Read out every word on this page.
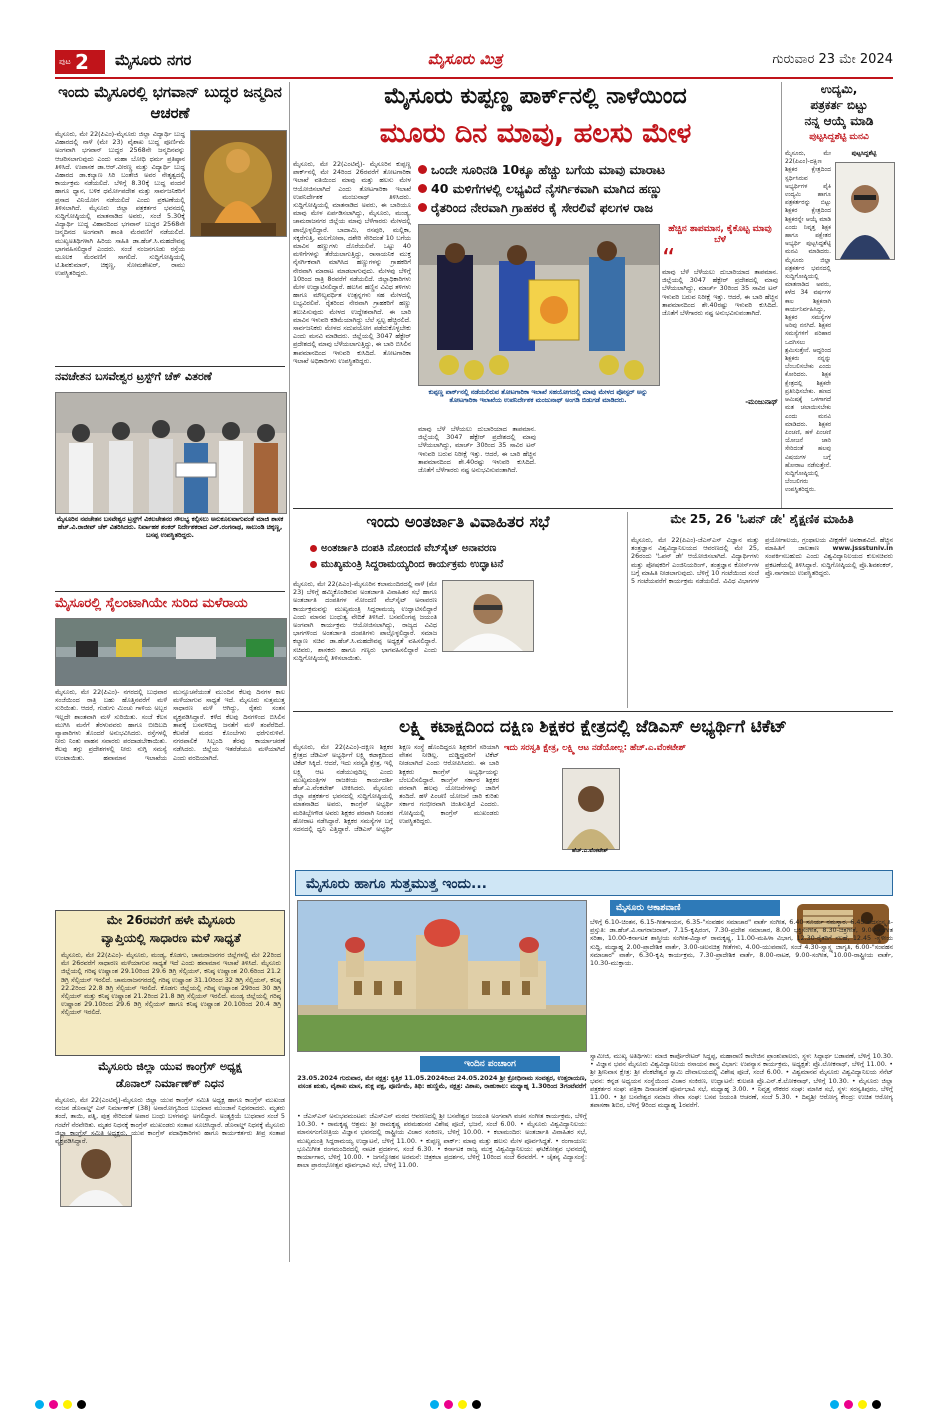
ಪುಟ 2 ಮೈಸೂರು ನಗರ	ಮೈಸೂರು ಮಿತ್ರ	ಗುರುವಾರ 23 ಮೇ 2024
ಇಂದು ಮೈಸೂರಲ್ಲಿ ಭಗವಾನ್ ಬುದ್ಧರ ಜನ್ಮದಿನ ಆಚರಣೆ
ಮೈಸೂರು, ಮೇ 22(ಪಿಎಂ)-ಮೈಸೂರು ಜಿಲ್ಲಾ ವಿದ್ಯಾರ್ಥಿ ಬುದ್ಧ ವಿಹಾರದಲ್ಲಿ ನಾಳೆ (ಮೇ 23) ವೈಶಾಖ ಬುದ್ಧ ಪೂರ್ಣಿಮೆ ಅಂಗವಾಗಿ ಭಗವಾನ್ ಬುದ್ಧರ 2568ನೇ ಜನ್ಮದಿನವನ್ನು ಆಚರಿಸಲಾಗುವುದು ಎಂದು ಮಹಾ ಬೋಧಿ ಧರ್ಮ ಪ್ರತಿಷ್ಠಾನ ತಿಳಿಸಿದೆ. ಉಪಾಸಕ ಡಾ.ಆರ್.ವೀರಣ್ಣ ಮತ್ತು ವಿದ್ಯಾರ್ಥಿ ಬುದ್ಧ ವಿಹಾರದ ಡಾ.ಕಲ್ಯಾಣ ಸಿರಿ ಬಂತೇಜಿ ಅವರ ನೇತೃತ್ವದಲ್ಲಿ ಕಾರ್ಯಕ್ರಮ ನಡೆಯಲಿದೆ. ಬೆಳಿಗ್ಗೆ 8.30ಕ್ಕೆ ಬುದ್ಧ ವಂದನೆ ಹಾಗೂ ಧ್ಯಾನ, ಬಳಿಕ ಧರ್ಮೋಪದೇಶ ಮತ್ತು ಸಾರ್ವಜನಿಕರಿಗೆ ಪ್ರಸಾದ ವಿನಿಯೋಗ ನಡೆಯಲಿದೆ ಎಂದು ಪ್ರಕಟಣೆಯಲ್ಲಿ ತಿಳಿಸಲಾಗಿದೆ. ಮೈಸೂರು ಜಿಲ್ಲಾ ಪತ್ರಕರ್ತರ ಭವನದಲ್ಲಿ ಸುದ್ದಿಗೋಷ್ಠಿಯಲ್ಲಿ ಮಾತನಾಡಿದ ಅವರು, ಸಂಜೆ 5.30ಕ್ಕೆ ವಿದ್ಯಾರ್ಥಿ ಬುದ್ಧ ವಿಹಾರದಿಂದ ಭಗವಾನ್ ಬುದ್ಧರ 2568ನೇ ಜನ್ಮದಿನದ ಅಂಗವಾಗಿ ಶಾಂತಿ ಮೆರವಣಿಗೆ ನಡೆಯಲಿದೆ. ಮುಖ್ಯಅತಿಥಿಗಳಾಗಿ ಹಿರಿಯ ಸಾಹಿತಿ ಡಾ.ಹೆಚ್.ಸಿ.ಮಹದೇವಪ್ಪ ಭಾಗವಹಿಸಲಿದ್ದಾರೆ ಎಂದರು. ಸಂಜೆ ನಂಜನಗೂಡು ರಸ್ತೆಯ ಮೂಲಕ ಮೆರವಣಿಗೆ ಸಾಗಲಿದೆ. ಸುದ್ದಿಗೋಷ್ಠಿಯಲ್ಲಿ ಟಿ.ಶಿವಕುಮಾರ್, ಚಿಕ್ಕಣ್ಣ, ಸೋಮಶೇಖರ್, ರಾಮು ಉಪಸ್ಥಿತರಿದ್ದರು.
ನವಚೇತನ ಬಸವೇಶ್ವರ ಟ್ರಸ್ಟ್‌ಗೆ ಚೆಕ್ ವಿತರಣೆ
ಮೈಸೂರಿನ ನವಚೇತನ ಬಸವೇಶ್ವರ ಟ್ರಸ್ಟ್‌ಗೆ ವಿಕಲಚೇತನರ ಸೌಲಭ್ಯ ಕಲ್ಪಿಸಲು ಅನುಕೂಲವಾಗುವಂತೆ ಮಾಜಿ ಶಾಸಕ ಹೆಚ್.ವಿ.ರಾಜೀವ್ ಚೆಕ್ ವಿತರಿಸಿದರು. ನಿರ್ವಾಹಕ ಶಂಕರ್‌ ನಿರ್ದೇಶಕರಾದ ಎನ್.ರಂಗನಾಥ, ಸಾಲುಂಡಿ ಚಿಕ್ಕಣ್ಣ, ಬಸಪ್ಪ ಉಪಸ್ಥಿತರಿದ್ದರು.
ಮೈಸೂರಲ್ಲಿ ಸೈಲಂಟಾಗಿಯೇ ಸುರಿದ ಮಳೆರಾಯ
ಮೈಸೂರು, ಮೇ 22(ಪಿಎಂ)- ನಗರದಲ್ಲಿ ಬುಧವಾರ ಸಂಜೆಯಿಂದ ರಾತ್ರಿ ಬಹು ಹೊತ್ತಿನವರೆಗೆ ಮಳೆ ಸುರಿಯಿತು. ಆದರೆ, ಗುಡುಗು ಮಿಂಚು ಗಾಳಿಯ ಅಬ್ಬರ ಇಲ್ಲದೇ ಶಾಂತವಾಗಿ ಮಳೆ ಸುರಿಯಿತು. ಸಂಜೆ ಕೆಲಸ ಮುಗಿಸಿ ಮನೆಗೆ ತೆರಳುವವರು ಹಾಗೂ ಬೀದಿಬದಿ ವ್ಯಾಪಾರಿಗಳು ತೊಂದರೆ ಅನುಭವಿಸಿದರು. ರಸ್ತೆಗಳಲ್ಲಿ ನೀರು ನಿಂತು ವಾಹನ ಸವಾರರು ಪರದಾಡಬೇಕಾಯಿತು. ಕೆಲವು ತಗ್ಗು ಪ್ರದೇಶಗಳಲ್ಲಿ ನೀರು ನುಗ್ಗಿ ಸಮಸ್ಯೆ ಉಂಟಾಯಿತು. ಹವಾಮಾನ ಇಲಾಖೆಯ ಮುನ್ಸೂಚನೆಯಂತೆ ಮುಂದಿನ ಕೆಲವು ದಿನಗಳ ಕಾಲ ಮಳೆಯಾಗುವ ಸಾಧ್ಯತೆ ಇದೆ. ಮೈಸೂರು ಸುತ್ತಮುತ್ತ ಸಾಧಾರಣ ಮಳೆ ಆಗಿದ್ದು, ರೈತರು ಸಂತಸ ವ್ಯಕ್ತಪಡಿಸಿದ್ದಾರೆ. ಕಳೆದ ಕೆಲವು ದಿನಗಳಿಂದ ಬಿಸಿಲಿನ ತಾಪಕ್ಕೆ ಬಸವಳಿದಿದ್ದ ಜನತೆಗೆ ಮಳೆ ತಂಪೆರೆದಿದೆ. ಕೆಲವೆಡೆ ಮರದ ಕೊಂಬೆಗಳು ಧರೆಗುರುಳಿವೆ. ನಗರಪಾಲಿಕೆ ಸಿಬ್ಬಂದಿ ತೆರವು ಕಾರ್ಯಾಚರಣೆ ನಡೆಸಿದರು. ಜಿಲ್ಲೆಯ ಇತರೆಡೆಯೂ ಮಳೆಯಾಗಿದೆ ಎಂದು ವರದಿಯಾಗಿದೆ.
ಮೇ 26ರವರೆಗೆ ಹಳೇ ಮೈಸೂರು
ವ್ಯಾಪ್ತಿಯಲ್ಲಿ ಸಾಧಾರಣ ಮಳೆ ಸಾಧ್ಯತೆ
ಮೈಸೂರು, ಮೇ 22(ಪಿಎಂ)- ಮೈಸೂರು, ಮಂಡ್ಯ, ಕೊಡಗು, ಚಾಮರಾಜನಗರ ಜಿಲ್ಲೆಗಳಲ್ಲಿ ಮೇ 22ರಿಂದ ಮೇ 26ರವರೆಗೆ ಸಾಧಾರಣ ಮಳೆಯಾಗುವ ಸಾಧ್ಯತೆ ಇದೆ ಎಂದು ಹವಾಮಾನ ಇಲಾಖೆ ತಿಳಿಸಿದೆ. ಮೈಸೂರು ಜಿಲ್ಲೆಯಲ್ಲಿ ಗರಿಷ್ಠ ಉಷ್ಣಾಂಶ 29.10ರಿಂದ 29.6 ಡಿಗ್ರಿ ಸೆಲ್ಸಿಯಸ್, ಕನಿಷ್ಠ ಉಷ್ಣಾಂಶ 20.6ರಿಂದ 21.2 ಡಿಗ್ರಿ ಸೆಲ್ಸಿಯಸ್ ಇರಲಿದೆ. ಚಾಮರಾಜನಗರದಲ್ಲಿ ಗರಿಷ್ಠ ಉಷ್ಣಾಂಶ 31.10ರಿಂದ 32 ಡಿಗ್ರಿ ಸೆಲ್ಸಿಯಸ್, ಕನಿಷ್ಠ 22.2ರಿಂದ 22.8 ಡಿಗ್ರಿ ಸೆಲ್ಸಿಯಸ್ ಇರಲಿದೆ. ಕೊಡಗು ಜಿಲ್ಲೆಯಲ್ಲಿ ಗರಿಷ್ಠ ಉಷ್ಣಾಂಶ 29ರಿಂದ 30 ಡಿಗ್ರಿ ಸೆಲ್ಸಿಯಸ್ ಮತ್ತು ಕನಿಷ್ಠ ಉಷ್ಣಾಂಶ 21.2ರಿಂದ 21.8 ಡಿಗ್ರಿ ಸೆಲ್ಸಿಯಸ್ ಇರಲಿದೆ. ಮಂಡ್ಯ ಜಿಲ್ಲೆಯಲ್ಲಿ ಗರಿಷ್ಠ ಉಷ್ಣಾಂಶ 29.10ರಿಂದ 29.6 ಡಿಗ್ರಿ ಸೆಲ್ಸಿಯಸ್ ಹಾಗೂ ಕನಿಷ್ಠ ಉಷ್ಣಾಂಶ 20.10ರಿಂದ 20.4 ಡಿಗ್ರಿ ಸೆಲ್ಸಿಯಸ್ ಇರಲಿದೆ.
ಮೈಸೂರು ಜಿಲ್ಲಾ ಯುವ ಕಾಂಗ್ರೆಸ್ ಅಧ್ಯಕ್ಷ
ಡೊನಾಲ್ ನಿರ್ಮಾಣ್‌ಕ್ ನಿಧನ
ಮೈಸೂರು, ಮೇ 22(ಎಂಟಿವೈ)-ಮೈಸೂರು ಜಿಲ್ಲಾ ಯುವ ಕಾಂಗ್ರೆಸ್ ಸಮಿತಿ ಅಧ್ಯಕ್ಷ ಹಾಗೂ ಕಾಂಗ್ರೆಸ್ ಮುಖಂಡ ನಂಜನ ಡೊನಾಲ್ಡ್ ಎಸ್ ನಿರ್ಮಾಣ್‌ಕ್ (38) ಅನಾರೋಗ್ಯದಿಂದ ಬುಧವಾರ ಮುಂಜಾನೆ ನಿಧನರಾದರು. ಮೃತರು ತಂದೆ, ತಾಯಿ, ಪತ್ನಿ, ಪುತ್ರ ಸೇರಿದಂತೆ ಅಪಾರ ಬಂಧು ಬಳಗವನ್ನು ಅಗಲಿದ್ದಾರೆ. ಅಂತ್ಯಕ್ರಿಯೆ ಬುಧವಾರ ಸಂಜೆ 5 ಗಂಟೆಗೆ ನೆರವೇರಿತು. ಮೃತರ ನಿಧನಕ್ಕೆ ಕಾಂಗ್ರೆಸ್ ಮುಖಂಡರು ಸಂತಾಪ ಸೂಚಿಸಿದ್ದಾರೆ. ಡೊನಾಲ್ಡ್ ನಿಧನಕ್ಕೆ ಮೈಸೂರು ಜಿಲ್ಲಾ ಕಾಂಗ್ರೆಸ್ ಸಮಿತಿ ಅಧ್ಯಕ್ಷರು, ಯುವ ಕಾಂಗ್ರೆಸ್ ಪದಾಧಿಕಾರಿಗಳು ಹಾಗೂ ಕಾರ್ಯಕರ್ತರು ತೀವ್ರ ಸಂತಾಪ ವ್ಯಕ್ತಪಡಿಸಿದ್ದಾರೆ.
ಮೈಸೂರು ಕುಪ್ಪಣ್ಣ ಪಾರ್ಕ್‌ನಲ್ಲಿ ನಾಳೆಯಿಂದ
ಮೂರು ದಿನ ಮಾವು, ಹಲಸು ಮೇಳ
ಒಂದೇ ಸೂರಿನಡಿ 10ಕ್ಕೂ ಹೆಚ್ಚು ಬಗೆಯ ಮಾವು ಮಾರಾಟ
40 ಮಳಿಗೆಗಳಲ್ಲಿ ಲಭ್ಯವಿದೆ ನೈಸರ್ಗಿಕವಾಗಿ ಮಾಗಿದ ಹಣ್ಣು
ರೈತರಿಂದ ನೇರವಾಗಿ ಗ್ರಾಹಕರ ಕೈ ಸೇರಲಿವೆ ಫಲಗಳ ರಾಜ
ಮೈಸೂರು, ಮೇ 22(ಎಂಟಿವೈ)- ಮೈಸೂರಿನ ಕುಪ್ಪಣ್ಣ ಪಾರ್ಕ್‌ನಲ್ಲಿ ಮೇ 24ರಿಂದ 26ರವರೆಗೆ ತೋಟಗಾರಿಕಾ ಇಲಾಖೆ ವತಿಯಿಂದ ಮಾವು ಮತ್ತು ಹಲಸು ಮೇಳ ಆಯೋಜಿಸಲಾಗಿದೆ ಎಂದು ತೋಟಗಾರಿಕಾ ಇಲಾಖೆ ಉಪನಿರ್ದೇಶಕ ಮಂಜುನಾಥ್ ತಿಳಿಸಿದರು. ಸುದ್ದಿಗೋಷ್ಠಿಯಲ್ಲಿ ಮಾತನಾಡಿದ ಅವರು, ಈ ಬಾರಿಯೂ ಮಾವು ಮೇಳ ಏರ್ಪಡಿಸಲಾಗಿದ್ದು, ಮೈಸೂರು, ಮಂಡ್ಯ, ಚಾಮರಾಜನಗರ ಜಿಲ್ಲೆಯ ಮಾವು ಬೆಳೆಗಾರರು ಮೇಳದಲ್ಲಿ ಪಾಲ್ಗೊಳ್ಳಲಿದ್ದಾರೆ. ಬಾದಾಮಿ, ರಸಪುರಿ, ಮಲ್ಲಿಕಾ, ಸಕ್ಕರೆಗುತ್ತಿ, ಮಲಗೋವಾ, ದಶೇರಿ ಸೇರಿದಂತೆ 10 ಬಗೆಯ ಮಾವಿನ ಹಣ್ಣುಗಳು ದೊರೆಯಲಿವೆ. ಒಟ್ಟು 40 ಮಳಿಗೆಗಳನ್ನು ತೆರೆಯಲಾಗುತ್ತಿದ್ದು, ರಾಸಾಯನಿಕ ಮುಕ್ತ ನೈಸರ್ಗಿಕವಾಗಿ ಮಾಗಿಸಿದ ಹಣ್ಣುಗಳನ್ನು ಗ್ರಾಹಕರಿಗೆ ನೇರವಾಗಿ ಮಾರಾಟ ಮಾಡಲಾಗುವುದು. ಮೇಳವು ಬೆಳಿಗ್ಗೆ 10ರಿಂದ ರಾತ್ರಿ 8ರವರೆಗೆ ನಡೆಯಲಿದೆ. ಜಿಲ್ಲಾಧಿಕಾರಿಗಳು ಮೇಳ ಉದ್ಘಾಟಿಸಲಿದ್ದಾರೆ. ಹಲಸಿನ ಹಣ್ಣಿನ ವಿವಿಧ ತಳಿಗಳು ಹಾಗೂ ಮೌಲ್ಯವರ್ಧಿತ ಉತ್ಪನ್ನಗಳು ಸಹ ಮೇಳದಲ್ಲಿ ಲಭ್ಯವಿರಲಿವೆ. ರೈತರಿಂದ ನೇರವಾಗಿ ಗ್ರಾಹಕರಿಗೆ ಹಣ್ಣು ತಲುಪಿಸುವುದು ಮೇಳದ ಉದ್ದೇಶವಾಗಿದೆ. ಈ ಬಾರಿ ಮಾವಿನ ಇಳುವರಿ ಕಡಿಮೆಯಾಗಿದ್ದು ಬೆಲೆ ಸ್ವಲ್ಪ ಹೆಚ್ಚಿರಲಿದೆ. ಸಾರ್ವಜನಿಕರು ಮೇಳದ ಸದುಪಯೋಗ ಪಡೆದುಕೊಳ್ಳಬೇಕು ಎಂದು ಮನವಿ ಮಾಡಿದರು. ಜಿಲ್ಲೆಯಲ್ಲಿ 3047 ಹೆಕ್ಟೇರ್ ಪ್ರದೇಶದಲ್ಲಿ ಮಾವು ಬೆಳೆಯಲಾಗುತ್ತಿದ್ದು, ಈ ಬಾರಿ ಬಿಸಿಲಿನ ತಾಪಮಾನದಿಂದ ಇಳುವರಿ ಕುಸಿದಿದೆ. ತೋಟಗಾರಿಕಾ ಇಲಾಖೆ ಅಧಿಕಾರಿಗಳು ಉಪಸ್ಥಿತರಿದ್ದರು.
ಕುಪ್ಪಣ್ಣ ಪಾರ್ಕ್‌ನಲ್ಲಿ ನಡೆಯಲಿರುವ ತೋಟಗಾರಿಕಾ ಇಲಾಖೆ ಸಹಯೋಗದಲ್ಲಿ ಮಾವು ಮೇಳದ ಪೋಸ್ಟರ್ ಅನ್ನು ತೋಟಗಾರಿಕಾ ಇಲಾಖೆಯ ಉಪನಿರ್ದೇಶಕ ಮಂಜುನಾಥ್ ಅಂಗಡಿ ಬಿಡುಗಡೆ ಮಾಡಿದರು.
ಮಾವು ಬೆಳೆ ಬೆಳೆಯಲು ದುಬಾರಿಯಾದ ತಾಪಮಾನ. ಜಿಲ್ಲೆಯಲ್ಲಿ 3047 ಹೆಕ್ಟೇರ್ ಪ್ರದೇಶದಲ್ಲಿ ಮಾವು ಬೆಳೆಯಲಾಗಿದ್ದು, ಮಾರ್ಚ್ 30ರಿಂದ 35 ಸಾವಿರ ಟನ್ ಇಳುವರಿ ಬರುವ ನಿರೀಕ್ಷೆ ಇತ್ತು. ಆದರೆ, ಈ ಬಾರಿ ಹೆಚ್ಚಿನ ತಾಪಮಾನದಿಂದ ಶೇ.40ರಷ್ಟು ಇಳುವರಿ ಕುಸಿದಿದೆ. ಜೊತೆಗೆ ಬೆಳೆಗಾರರು ನಷ್ಟ ಅನುಭವಿಸುವಂತಾಗಿದೆ.
ಹೆಚ್ಚಿನ ತಾಪಮಾನ, ಕೈಕೊಟ್ಟ ಮಾವು ಬೆಳೆ
“
ಮಾವು ಬೆಳೆ ಬೆಳೆಯಲು ದುಬಾರಿಯಾದ ತಾಪಮಾನ. ಜಿಲ್ಲೆಯಲ್ಲಿ 3047 ಹೆಕ್ಟೇರ್ ಪ್ರದೇಶದಲ್ಲಿ ಮಾವು ಬೆಳೆಯಲಾಗಿದ್ದು, ಮಾರ್ಚ್ 30ರಿಂದ 35 ಸಾವಿರ ಟನ್ ಇಳುವರಿ ಬರುವ ನಿರೀಕ್ಷೆ ಇತ್ತು. ಆದರೆ, ಈ ಬಾರಿ ಹೆಚ್ಚಿನ ತಾಪಮಾನದಿಂದ ಶೇ.40ರಷ್ಟು ಇಳುವರಿ ಕುಸಿದಿದೆ. ಜೊತೆಗೆ ಬೆಳೆಗಾರರು ನಷ್ಟ ಅನುಭವಿಸುವಂತಾಗಿದೆ.
-ಮಂಜುನಾಥ್
ಉದ್ಯಮಿ,
ಪತ್ರಕರ್ತ ಬಿಟ್ಟು
ನನ್ನ ಆಯ್ಕೆ ಮಾಡಿ
ಪುಟ್ಟಸಿದ್ದಶೆಟ್ಟಿ ಮನವಿ
ಪುಟ್ಟಸಿದ್ದಶೆಟ್ಟಿ
ಮೈಸೂರು, ಮೇ 22(ಪಿಎಂ)-ದಕ್ಷಿಣ ಶಿಕ್ಷಕರ ಕ್ಷೇತ್ರದಿಂದ ಸ್ಪರ್ಧಿಸಿರುವ ಅಭ್ಯರ್ಥಿಗಳ ಪೈಕಿ ಉದ್ಯಮಿ ಹಾಗೂ ಪತ್ರಕರ್ತರನ್ನು ಬಿಟ್ಟು ಶಿಕ್ಷಕರ ಕ್ಷೇತ್ರದಿಂದ ಶಿಕ್ಷಕರನ್ನೇ ಆಯ್ಕೆ ಮಾಡಿ ಎಂದು ನಿವೃತ್ತ ಶಿಕ್ಷಕ ಹಾಗೂ ಪಕ್ಷೇತರ ಅಭ್ಯರ್ಥಿ ಪುಟ್ಟಸಿದ್ದಶೆಟ್ಟಿ ಮನವಿ ಮಾಡಿದರು. ಮೈಸೂರು ಜಿಲ್ಲಾ ಪತ್ರಕರ್ತರ ಭವನದಲ್ಲಿ ಸುದ್ದಿಗೋಷ್ಠಿಯಲ್ಲಿ ಮಾತನಾಡಿದ ಅವರು, ಕಳೆದ 34 ವರ್ಷಗಳ ಕಾಲ ಶಿಕ್ಷಕನಾಗಿ ಕಾರ್ಯನಿರ್ವಹಿಸಿದ್ದು, ಶಿಕ್ಷಕರ ಸಮಸ್ಯೆಗಳ ಅರಿವು ನನಗಿದೆ. ಶಿಕ್ಷಕರ ಸಮಸ್ಯೆಗಳಿಗೆ ಪರಿಹಾರ ಒದಗಿಸಲು ಶ್ರಮಿಸುತ್ತೇನೆ. ಆದ್ದರಿಂದ ಶಿಕ್ಷಕರು ನನ್ನನ್ನು ಬೆಂಬಲಿಸಬೇಕು ಎಂದು ಕೋರಿದರು. ಶಿಕ್ಷಕ ಕ್ಷೇತ್ರದಲ್ಲಿ ಶಿಕ್ಷಕರೇ ಪ್ರತಿನಿಧಿಸಬೇಕು. ಹಣದ ಆಮಿಷಕ್ಕೆ ಒಳಗಾಗದೆ ಮತ ಚಲಾಯಿಸಬೇಕು ಎಂದು ಮನವಿ ಮಾಡಿದರು. ಶಿಕ್ಷಕರ ಪಿಂಚಣಿ, ಹಳೆ ಪಿಂಚಣಿ ಯೋಜನೆ ಜಾರಿ ಸೇರಿದಂತೆ ಹಲವು ವಿಷಯಗಳ ಬಗ್ಗೆ ಹೋರಾಟ ನಡೆಸುತ್ತೇನೆ. ಸುದ್ದಿಗೋಷ್ಠಿಯಲ್ಲಿ ಬೆಂಬಲಿಗರು ಉಪಸ್ಥಿತರಿದ್ದರು.
ಇಂದು ಅಂತರ್ಜಾತಿ ವಿವಾಹಿತರ ಸಭೆ
ಅಂತರ್ಜಾತಿ ದಂಪತಿ ನೋಂದಣಿ ವೆಬ್‌ಸೈಟ್ ಅನಾವರಣ
ಮುಖ್ಯಮಂತ್ರಿ ಸಿದ್ದರಾಮಯ್ಯರಿಂದ ಕಾರ್ಯಕ್ರಮ ಉದ್ಘಾಟನೆ
ಮೈಸೂರು, ಮೇ 22(ಪಿಎಂ)-ಮೈಸೂರಿನ ಕಲಾಮಂದಿರದಲ್ಲಿ ನಾಳೆ (ಮೇ 23) ಬೆಳಿಗ್ಗೆ ಹಮ್ಮಿಕೊಂಡಿರುವ ಅಂತರ್ಜಾತಿ ವಿವಾಹಿತರ ಸಭೆ ಹಾಗೂ ಅಂತರ್ಜಾತಿ ದಂಪತಿಗಳ ನೋಂದಣಿ ವೆಬ್‌ಸೈಟ್ ಅನಾವರಣ ಕಾರ್ಯಕ್ರಮವನ್ನು ಮುಖ್ಯಮಂತ್ರಿ ಸಿದ್ದರಾಮಯ್ಯ ಉದ್ಘಾಟಿಸಲಿದ್ದಾರೆ ಎಂದು ಮಾನವ ಬಂಧುತ್ವ ವೇದಿಕೆ ತಿಳಿಸಿದೆ. ಬಸವಲಿಂಗಪ್ಪ ಜಯಂತಿ ಅಂಗವಾಗಿ ಕಾರ್ಯಕ್ರಮ ಆಯೋಜಿಸಲಾಗಿದ್ದು, ರಾಜ್ಯದ ವಿವಿಧ ಭಾಗಗಳಿಂದ ಅಂತರ್ಜಾತಿ ದಂಪತಿಗಳು ಪಾಲ್ಗೊಳ್ಳಲಿದ್ದಾರೆ. ಸಮಾಜ ಕಲ್ಯಾಣ ಸಚಿವ ಡಾ.ಹೆಚ್.ಸಿ.ಮಹದೇವಪ್ಪ ಅಧ್ಯಕ್ಷತೆ ವಹಿಸಲಿದ್ದಾರೆ. ಸಚಿವರು, ಶಾಸಕರು ಹಾಗೂ ಗಣ್ಯರು ಭಾಗವಹಿಸಲಿದ್ದಾರೆ ಎಂದು ಸುದ್ದಿಗೋಷ್ಠಿಯಲ್ಲಿ ತಿಳಿಸಲಾಯಿತು.
ಮೇ 25, 26 'ಓಪನ್ ಡೇ' ಶೈಕ್ಷಣಿಕ ಮಾಹಿತಿ
ಮೈಸೂರು, ಮೇ 22(ಪಿಎಂ)-ಜೆಎಸ್‌ಎಸ್ ವಿಜ್ಞಾನ ಮತ್ತು ತಂತ್ರಜ್ಞಾನ ವಿಶ್ವವಿದ್ಯಾನಿಲಯದ ಆವರಣದಲ್ಲಿ ಮೇ 25, 26ರಂದು 'ಓಪನ್ ಡೇ' ಆಯೋಜಿಸಲಾಗಿದೆ. ವಿದ್ಯಾರ್ಥಿಗಳು ಮತ್ತು ಪೋಷಕರಿಗೆ ಎಂಜಿನಿಯರಿಂಗ್, ತಂತ್ರಜ್ಞಾನ ಕೋರ್ಸ್‌ಗಳ ಬಗ್ಗೆ ಮಾಹಿತಿ ನೀಡಲಾಗುವುದು. ಬೆಳಿಗ್ಗೆ 10 ಗಂಟೆಯಿಂದ ಸಂಜೆ 5 ಗಂಟೆಯವರೆಗೆ ಕಾರ್ಯಕ್ರಮ ನಡೆಯಲಿದೆ. ವಿವಿಧ ವಿಭಾಗಗಳ ಪ್ರಯೋಗಾಲಯ, ಗ್ರಂಥಾಲಯ ವೀಕ್ಷಣೆಗೆ ಅವಕಾಶವಿದೆ. ಹೆಚ್ಚಿನ ಮಾಹಿತಿಗೆ ಜಾಲತಾಣ www.jssstuniv.in ಸಂಪರ್ಕಿಸಬಹುದು ಎಂದು ವಿಶ್ವವಿದ್ಯಾನಿಲಯದ ಕುಲಸಚಿವರು ಪ್ರಕಟಣೆಯಲ್ಲಿ ತಿಳಿಸಿದ್ದಾರೆ. ಸುದ್ದಿಗೋಷ್ಠಿಯಲ್ಲಿ ಪ್ರೊ.ಶಿವಶಂಕರ್, ಪ್ರೊ.ನಾಗರಾಜು ಉಪಸ್ಥಿತರಿದ್ದರು.
ಲಕ್ಷ್ಮಿ ಕಟಾಕ್ಷದಿಂದ ದಕ್ಷಿಣ ಶಿಕ್ಷಕರ ಕ್ಷೇತ್ರದಲ್ಲಿ ಜೆಡಿಎಸ್ ಅಭ್ಯರ್ಥಿಗೆ ಟಿಕೆಟ್
ಇದು ಸರಸ್ವತಿ ಕ್ಷೇತ್ರ, ಲಕ್ಷ್ಮಿ ಆಟ ನಡೆಯೋಲ್ಲ: ಹೆಚ್.ಎ.ವೆಂಕಟೇಶ್
ಹೆಚ್.ಎ.ವೆಂಕಟೇಶ್
ಮೈಸೂರು, ಮೇ 22(ಪಿಎಂ)-ದಕ್ಷಿಣ ಶಿಕ್ಷಕರ ಕ್ಷೇತ್ರದ ಜೆಡಿಎಸ್ ಅಭ್ಯರ್ಥಿಗೆ ಲಕ್ಷ್ಮಿ ಕಟಾಕ್ಷದಿಂದ ಟಿಕೆಟ್ ಸಿಕ್ಕಿದೆ. ಆದರೆ, ಇದು ಸರಸ್ವತಿ ಕ್ಷೇತ್ರ, ಇಲ್ಲಿ ಲಕ್ಷ್ಮಿ ಆಟ ನಡೆಯುವುದಿಲ್ಲ ಎಂದು ಮುಖ್ಯಮಂತ್ರಿಗಳ ರಾಜಕೀಯ ಕಾರ್ಯದರ್ಶಿ ಹೆಚ್.ಎ.ವೆಂಕಟೇಶ್ ಟೀಕಿಸಿದರು. ಮೈಸೂರು ಜಿಲ್ಲಾ ಪತ್ರಕರ್ತರ ಭವನದಲ್ಲಿ ಸುದ್ದಿಗೋಷ್ಠಿಯಲ್ಲಿ ಮಾತನಾಡಿದ ಅವರು, ಕಾಂಗ್ರೆಸ್ ಅಭ್ಯರ್ಥಿ ಮರಿತಿಬ್ಬೇಗೌಡ ಅವರು ಶಿಕ್ಷಕರ ಪರವಾಗಿ ನಿರಂತರ ಹೋರಾಟ ನಡೆಸಿದ್ದಾರೆ. ಶಿಕ್ಷಕರ ಸಮಸ್ಯೆಗಳ ಬಗ್ಗೆ ಸದನದಲ್ಲಿ ಧ್ವನಿ ಎತ್ತಿದ್ದಾರೆ. ಜೆಡಿಎಸ್ ಅಭ್ಯರ್ಥಿ ಶಿಕ್ಷಣ ಸಂಸ್ಥೆ ಹೊಂದಿದ್ದರೂ ಶಿಕ್ಷಕರಿಗೆ ಸರಿಯಾಗಿ ವೇತನ ನೀಡಿಲ್ಲ. ದುಡ್ಡಿದ್ದವರಿಗೆ ಟಿಕೆಟ್ ನೀಡಲಾಗಿದೆ ಎಂದು ಆರೋಪಿಸಿದರು. ಈ ಬಾರಿ ಶಿಕ್ಷಕರು ಕಾಂಗ್ರೆಸ್ ಅಭ್ಯರ್ಥಿಯನ್ನು ಬೆಂಬಲಿಸಲಿದ್ದಾರೆ. ಕಾಂಗ್ರೆಸ್ ಸರ್ಕಾರ ಶಿಕ್ಷಕರ ಪರವಾಗಿ ಹಲವು ಯೋಜನೆಗಳನ್ನು ಜಾರಿಗೆ ತಂದಿದೆ. ಹಳೆ ಪಿಂಚಣಿ ಯೋಜನೆ ಜಾರಿ ಕುರಿತು ಸರ್ಕಾರ ಗಂಭೀರವಾಗಿ ಚಿಂತಿಸುತ್ತಿದೆ ಎಂದರು. ಗೋಷ್ಠಿಯಲ್ಲಿ ಕಾಂಗ್ರೆಸ್ ಮುಖಂಡರು ಉಪಸ್ಥಿತರಿದ್ದರು.
ಮೈಸೂರು ಹಾಗೂ ಸುತ್ತಮುತ್ತ ಇಂದು...
ಮೈಸೂರು ಆಕಾಶವಾಣಿ
ಬೆಳಿಗ್ಗೆ 6.10-ಚಿಂತನ, 6.15-ಗೀತಗಾಯನ, 6.35-"ಸಂವಹನ ಸಮಾಚಾರ" ವಾರ್ತೆ ಸಂಗೀತ, 6.40 ಸೂರ್ಯ ನಮಸ್ಕಾರ. 6.45 ಪದಸಂಸ್ಕೃತಿ-ಪ್ರಸ್ತುತಿ: ಡಾ.ಹೆಚ್.ವಿ.ನಾಗರಾಜರಾವ್, 7.15-ಕೃಷಿರಂಗ, 7.30-ಪ್ರದೇಶ ಸಮಾಚಾರ, 8.00 ಭಕ್ತಿಸಂಗೀತ, 8.30-ಚಿತ್ರಗೀತೆ, 9.00-ಸಂಗೀತ ಸರಿತಾ, 10.00-ಕರ್ನಾಟಕ ಶಾಸ್ತ್ರೀಯ ಸಂಗೀತ-ವಿದ್ವಾನ್ ರಾಮಕೃಷ್ಣ, 11.00-ಮಹಿಳಾ ವಿಭಾಗ, 12.30-ರೈತರಿಗೆ ಸಲಹೆ, 12.45 -ಸ್ಥಳೀಯ ಸುದ್ದಿ, ಮಧ್ಯಾಹ್ನ 2.00-ಪ್ರಾದೇಶಿಕ ವಾರ್ತೆ, 3.00-ಚಲನಚಿತ್ರ ಗೀತೆಗಳು, 4.00-ಯುವವಾಣಿ, ಸಂಜೆ 4.30-ಸ್ವಾಸ್ಥ್ಯ ಜಾಗೃತಿ, 6.00-"ಸಂವಹನ ಸಮಾಚಾರ" ವಾರ್ತೆ, 6.30-ಕೃಷಿ ಕಾರ್ಯಕ್ರಮ, 7.30-ಪ್ರಾದೇಶಿಕ ವಾರ್ತೆ, 8.00-ನಾಟಕ, 9.00-ಸಂಗೀತ, 10.00-ರಾಷ್ಟ್ರೀಯ ವಾರ್ತೆ, 10.30-ಮುಕ್ತಾಯ.
ಇಂದಿನ ಪಂಚಾಂಗ
23.05.2024 ಗುರುವಾರ, ಮೇ ನಕ್ಷತ್ರ: ಕೃತ್ತಿಕ 11.05.2024ರಿಂದ 24.05.2024 ಶ್ರೀ ಕ್ರೋಧಿನಾಮ ಸಂವತ್ಸರ, ಉತ್ತರಾಯಣ, ವಸಂತ ಋತು, ವೈಶಾಖ ಮಾಸ, ಶುಕ್ಲ ಪಕ್ಷ, ಪೂರ್ಣಿಮೆ, ತಿಥಿ: ಹುಣ್ಣಿಮೆ, ನಕ್ಷತ್ರ: ವಿಶಾಖ, ರಾಹುಕಾಲ: ಮಧ್ಯಾಹ್ನ 1.30ರಿಂದ 3ಗಂಟೆವರೆಗೆ
• ಜೆಎಸ್‌ಎಸ್ ಅನುಭವಮಂಟಪ: ಜೆಎಸ್‌ಎಸ್ ಮಠದ ಆವರಣದಲ್ಲಿ ಶ್ರೀ ಬಸವೇಶ್ವರ ಜಯಂತಿ ಅಂಗವಾಗಿ ವಚನ ಸಂಗೀತ ಕಾರ್ಯಕ್ರಮ, ಬೆಳಿಗ್ಗೆ 10.30. • ರಾಮಕೃಷ್ಣ ಆಶ್ರಮ: ಶ್ರೀ ರಾಮಕೃಷ್ಣ ಪರಮಹಂಸರ ವಿಶೇಷ ಪೂಜೆ, ಭಜನೆ, ಸಂಜೆ 6.00. • ಮೈಸೂರು ವಿಶ್ವವಿದ್ಯಾನಿಲಯ: ಮಾನಸಗಂಗೋತ್ರಿಯ ವಿಜ್ಞಾನ ಭವನದಲ್ಲಿ ರಾಷ್ಟ್ರೀಯ ವಿಚಾರ ಸಂಕಿರಣ, ಬೆಳಿಗ್ಗೆ 10.00. • ಕಲಾಮಂದಿರ: ಅಂತರ್ಜಾತಿ ವಿವಾಹಿತರ ಸಭೆ, ಮುಖ್ಯಮಂತ್ರಿ ಸಿದ್ದರಾಮಯ್ಯ ಉದ್ಘಾಟನೆ, ಬೆಳಿಗ್ಗೆ 11.00. • ಕುಪ್ಪಣ್ಣ ಪಾರ್ಕ್: ಮಾವು ಮತ್ತು ಹಲಸು ಮೇಳ ಪೂರ್ವಸಿದ್ಧತೆ. • ರಂಗಾಯಣ: ಭೂಮಿಗೀತ ರಂಗಮಂದಿರದಲ್ಲಿ ನಾಟಕ ಪ್ರದರ್ಶನ, ಸಂಜೆ 6.30. • ಕರ್ನಾಟಕ ರಾಜ್ಯ ಮುಕ್ತ ವಿಶ್ವವಿದ್ಯಾನಿಲಯ: ಘಟಿಕೋತ್ಸವ ಭವನದಲ್ಲಿ ಕಾರ್ಯಾಗಾರ, ಬೆಳಿಗ್ಗೆ 10.00. • ಜಗನ್ಮೋಹನ ಅರಮನೆ: ಚಿತ್ರಕಲಾ ಪ್ರದರ್ಶನ, ಬೆಳಿಗ್ಗೆ 10ರಿಂದ ಸಂಜೆ 6ರವರೆಗೆ. • ಚೈತನ್ಯ ವಿದ್ಯಾಸಂಸ್ಥೆ: ಶಾಲಾ ಪ್ರಾರಂಭೋತ್ಸವ ಪೂರ್ವಭಾವಿ ಸಭೆ, ಬೆಳಿಗ್ಗೆ 11.00.
ಸ್ವಾಮೀಜಿ, ಮುಖ್ಯ ಅತಿಥಿಗಳು: ಮಾಜಿ ಕಾರ್ಪೊರೇಟರ್ ಸಿದ್ದಪ್ಪ, ಮಹಾರಾಣಿ ಕಾಲೇಜಿನ ಪ್ರಾಂಶುಪಾಲರು, ಸ್ಥಳ: ಸಿದ್ದಾರ್ಥ ಬಡಾವಣೆ, ಬೆಳಿಗ್ಗೆ 10.30. • ವಿಜ್ಞಾನ ಭವನ ಮೈಸೂರು ವಿಶ್ವವಿದ್ಯಾನಿಲಯ ರಸಾಯನ ಶಾಸ್ತ್ರ ವಿಭಾಗ: ಉಪನ್ಯಾಸ ಕಾರ್ಯಕ್ರಮ, ಅಧ್ಯಕ್ಷತೆ: ಪ್ರೊ.ಲೋಕನಾಥ್, ಬೆಳಿಗ್ಗೆ 11.00. • ಶ್ರೀ ಶ್ರೀನಿವಾಸ ಕ್ಷೇತ್ರ: ಶ್ರೀ ವೆಂಕಟೇಶ್ವರ ಸ್ವಾಮಿ ದೇವಾಲಯದಲ್ಲಿ ವಿಶೇಷ ಪೂಜೆ, ಸಂಜೆ 6.00. • ವಿಶ್ವಮಾನವ ಮೈಸೂರು ವಿಶ್ವವಿದ್ಯಾನಿಲಯ ಸೆನೆಟ್ ಭವನ: ಕನ್ನಡ ಅಧ್ಯಯನ ಸಂಸ್ಥೆಯಿಂದ ವಿಚಾರ ಸಂಕಿರಣ, ಉದ್ಘಾಟನೆ: ಕುಲಪತಿ ಪ್ರೊ.ಎನ್.ಕೆ.ಲೋಕನಾಥ್, ಬೆಳಿಗ್ಗೆ 10.30. • ಮೈಸೂರು ಜಿಲ್ಲಾ ಪತ್ರಕರ್ತರ ಸಂಘ: ಪತ್ರಿಕಾ ದಿನಾಚರಣೆ ಪೂರ್ವಭಾವಿ ಸಭೆ, ಮಧ್ಯಾಹ್ನ 3.00. • ನಿವೃತ್ತ ನೌಕರರ ಸಂಘ: ಮಾಸಿಕ ಸಭೆ, ಸ್ಥಳ: ಸರಸ್ವತಿಪುರಂ, ಬೆಳಿಗ್ಗೆ 11.00. • ಶ್ರೀ ಬಸವೇಶ್ವರ ಸಮಾಜ ಸೇವಾ ಸಂಘ: ಬಸವ ಜಯಂತಿ ಆಚರಣೆ, ಸಂಜೆ 5.30. • ದಿವ್ಯಶ್ರೀ ಆರೋಗ್ಯ ಕೇಂದ್ರ: ಉಚಿತ ಆರೋಗ್ಯ ತಪಾಸಣಾ ಶಿಬಿರ, ಬೆಳಿಗ್ಗೆ 9ರಿಂದ ಮಧ್ಯಾಹ್ನ 1ರವರೆಗೆ.
